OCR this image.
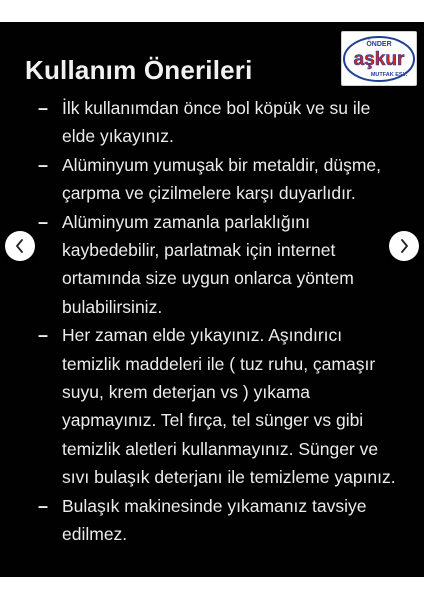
Kullanım Önerileri
ÖNDER
aşkur
MUTFAK EŞY.
– İlk kullanımdan önce bol köpük ve su ile
elde yıkayınız.
– Alüminyum yumuşak bir metaldir, düşme,
çarpma ve çizilmelere karşı duyarlıdır.
– Alüminyum zamanla parlaklığını
kaybedebilir, parlatmak için internet
ortamında size uygun onlarca yöntem
bulabilirsiniz.
– Her zaman elde yıkayınız. Aşındırıcı
temizlik maddeleri ile ( tuz ruhu, çamaşır
suyu, krem deterjan vs ) yıkama
yapmayınız. Tel fırça, tel sünger vs gibi
temizlik aletleri kullanmayınız. Sünger ve
sıvı bulaşık deterjanı ile temizleme yapınız.
– Bulaşık makinesinde yıkamanız tavsiye
edilmez.
